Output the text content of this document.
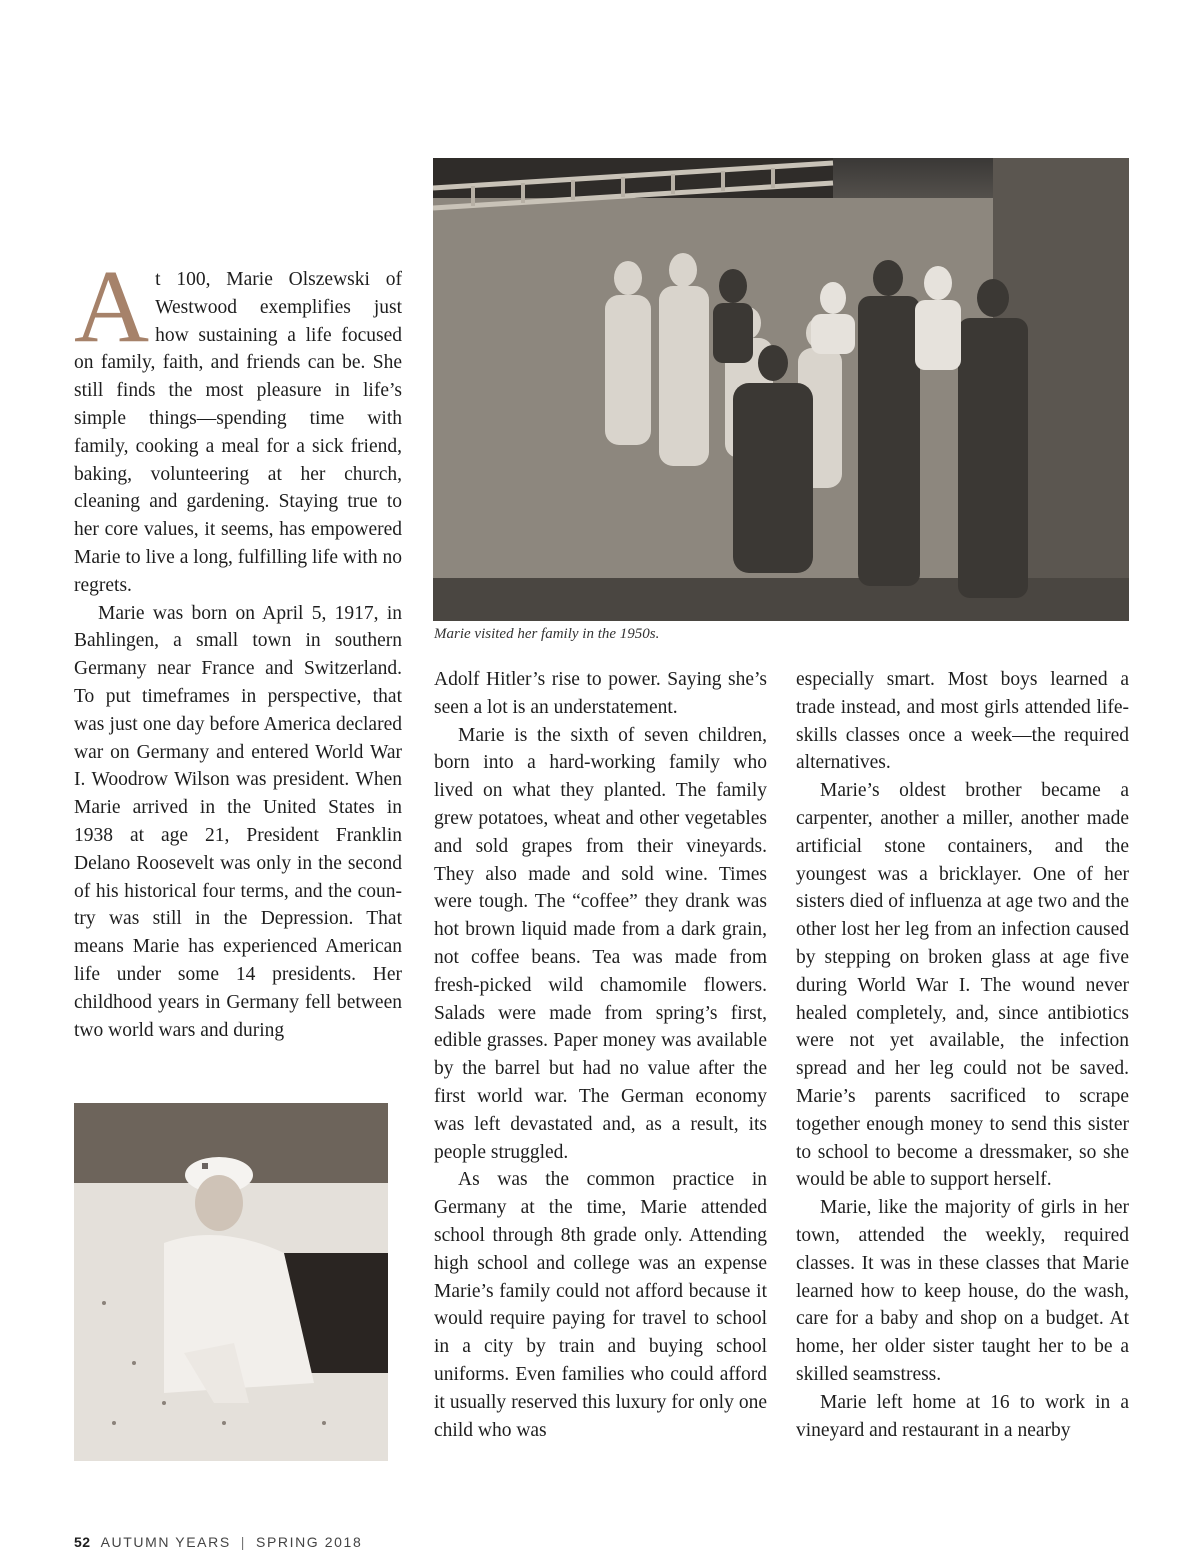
Marie visited her family in the 1950s.

At 100, Marie Olszewski of Westwood exemplifies just how sustaining a life focused on family, faith, and friends can be. She still finds the most pleasure in life’s simple things—spending time with family, cooking a meal for a sick friend, baking, volunteering at her church, cleaning and gardening. Staying true to her core values, it seems, has empowered Marie to live a long, fulfilling life with no regrets.

Marie was born on April 5, 1917, in Bahlingen, a small town in southern Germany near France and Switzerland. To put timeframes in perspective, that was just one day before America declared war on Germany and entered World War I. Woodrow Wilson was president. When Marie arrived in the United States in 1938 at age 21, President Franklin Delano Roosevelt was only in the second of his historical four terms, and the country was still in the Depression. That means Marie has experienced American life under some 14 presidents. Her childhood years in Germany fell between two world wars and during

Adolf Hitler’s rise to power. Saying she’s seen a lot is an understatement.

Marie is the sixth of seven children, born into a hard-working family who lived on what they planted. The family grew potatoes, wheat and other vegetables and sold grapes from their vineyards. They also made and sold wine. Times were tough. The “coffee” they drank was hot brown liquid made from a dark grain, not coffee beans. Tea was made from fresh-picked wild chamomile flowers. Salads were made from spring’s first, edible grasses. Paper money was available by the barrel but had no value after the first world war. The German economy was left devastated and, as a result, its people struggled.

As was the common practice in Germany at the time, Marie attended school through 8th grade only. Attending high school and college was an expense Marie’s family could not afford because it would require paying for travel to school in a city by train and buying school uniforms. Even families who could afford it usually reserved this luxury for only one child who was

especially smart. Most boys learned a trade instead, and most girls attended life-skills classes once a week—the required alternatives.

Marie’s oldest brother became a carpenter, another a miller, another made artificial stone containers, and the youngest was a bricklayer. One of her sisters died of influenza at age two and the other lost her leg from an infection caused by stepping on broken glass at age five during World War I. The wound never healed completely, and, since antibiotics were not yet available, the infection spread and her leg could not be saved. Marie’s parents sacrificed to scrape together enough money to send this sister to school to become a dressmaker, so she would be able to support herself.

Marie, like the majority of girls in her town, attended the weekly, required classes. It was in these classes that Marie learned how to keep house, do the wash, care for a baby and shop on a budget. At home, her older sister taught her to be a skilled seamstress.

Marie left home at 16 to work in a vineyard and restaurant in a nearby

52 AUTUMN YEARS | SPRING 2018
